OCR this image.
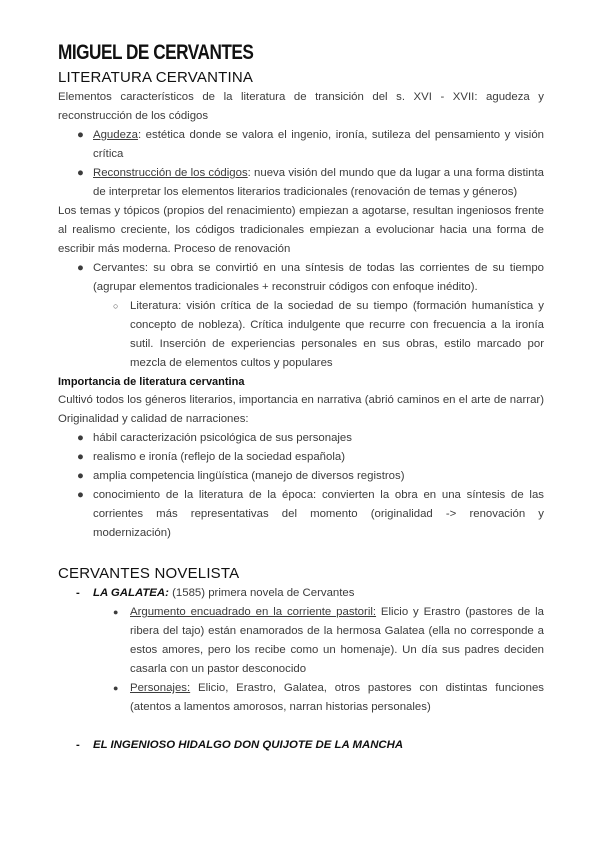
MIGUEL DE CERVANTES
LITERATURA CERVANTINA

Elementos característicos de la literatura de transición del s. XVI - XVII: agudeza y reconstrucción de los códigos

● Agudeza: estética donde se valora el ingenio, ironía, sutileza del pensamiento y visión crítica
● Reconstrucción de los códigos: nueva visión del mundo que da lugar a una forma distinta de interpretar los elementos literarios tradicionales (renovación de temas y géneros)

Los temas y tópicos (propios del renacimiento) empiezan a agotarse, resultan ingeniosos frente al realismo creciente, los códigos tradicionales empiezan a evolucionar hacia una forma de escribir más moderna. Proceso de renovación

● Cervantes: su obra se convirtió en una síntesis de todas las corrientes de su tiempo (agrupar elementos tradicionales + reconstruir códigos con enfoque inédito).
○ Literatura: visión crítica de la sociedad de su tiempo (formación humanística y concepto de nobleza). Crítica indulgente que recurre con frecuencia a la ironía sutil. Inserción de experiencias personales en sus obras, estilo marcado por mezcla de elementos cultos y populares
Importancia de literatura cervantina

Cultivó todos los géneros literarios, importancia en narrativa (abrió caminos en el arte de narrar) Originalidad y calidad de narraciones:

● hábil caracterización psicológica de sus personajes
● realismo e ironía (reflejo de la sociedad española)
● amplia competencia lingüística (manejo de diversos registros)
● conocimiento de la literatura de la época: convierten la obra en una síntesis de las corrientes más representativas del momento (originalidad -> renovación y modernización)
CERVANTES NOVELISTA
- LA GALATEA: (1585) primera novela de Cervantes
● Argumento encuadrado en la corriente pastoril: Elicio y Erastro (pastores de la ribera del tajo) están enamorados de la hermosa Galatea (ella no corresponde a estos amores, pero los recibe como un homenaje). Un día sus padres deciden casarla con un pastor desconocido
● Personajes: Elicio, Erastro, Galatea, otros pastores con distintas funciones (atentos a lamentos amorosos, narran historias personales)
- EL INGENIOSO HIDALGO DON QUIJOTE DE LA MANCHA
